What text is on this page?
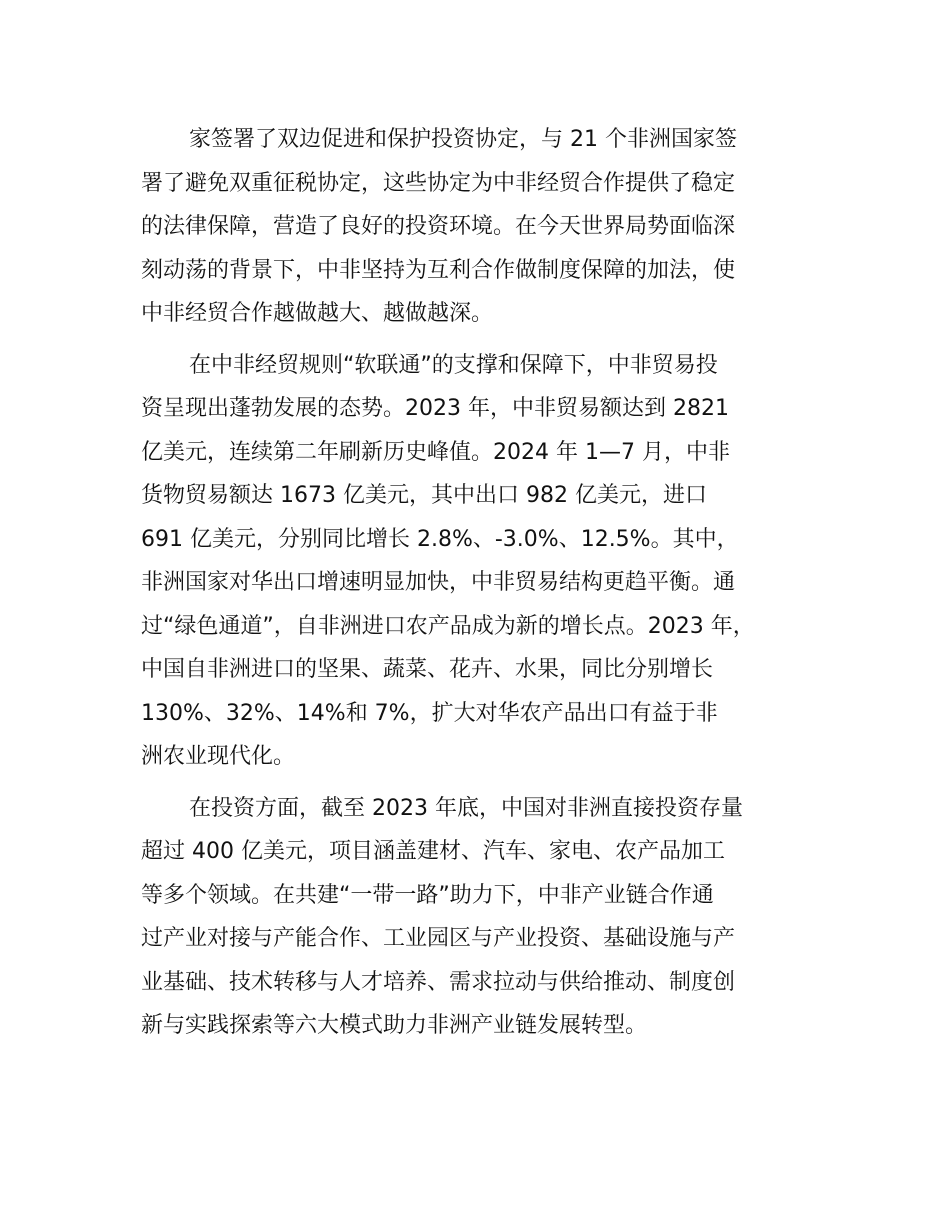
家签署了双边促进和保护投资协定，与 21 个非洲国家签
署了避免双重征税协定，这些协定为中非经贸合作提供了稳定
的法律保障，营造了良好的投资环境。在今天世界局势面临深
刻动荡的背景下，中非坚持为互利合作做制度保障的加法，使
中非经贸合作越做越大、越做越深。

在中非经贸规则“软联通”的支撑和保障下，中非贸易投
资呈现出蓬勃发展的态势。2023 年，中非贸易额达到 2821
亿美元，连续第二年刷新历史峰值。2024 年 1—7 月，中非
货物贸易额达 1673 亿美元，其中出口 982 亿美元，进口
691 亿美元，分别同比增长 2.8%、-3.0%、12.5%。其中，
非洲国家对华出口增速明显加快，中非贸易结构更趋平衡。通
过“绿色通道”，自非洲进口农产品成为新的增长点。2023 年，
中国自非洲进口的坚果、蔬菜、花卉、水果，同比分别增长
130%、32%、14%和 7%，扩大对华农产品出口有益于非
洲农业现代化。

在投资方面，截至 2023 年底，中国对非洲直接投资存量
超过 400 亿美元，项目涵盖建材、汽车、家电、农产品加工
等多个领域。在共建“一带一路”助力下，中非产业链合作通
过产业对接与产能合作、工业园区与产业投资、基础设施与产
业基础、技术转移与人才培养、需求拉动与供给推动、制度创
新与实践探索等六大模式助力非洲产业链发展转型。
